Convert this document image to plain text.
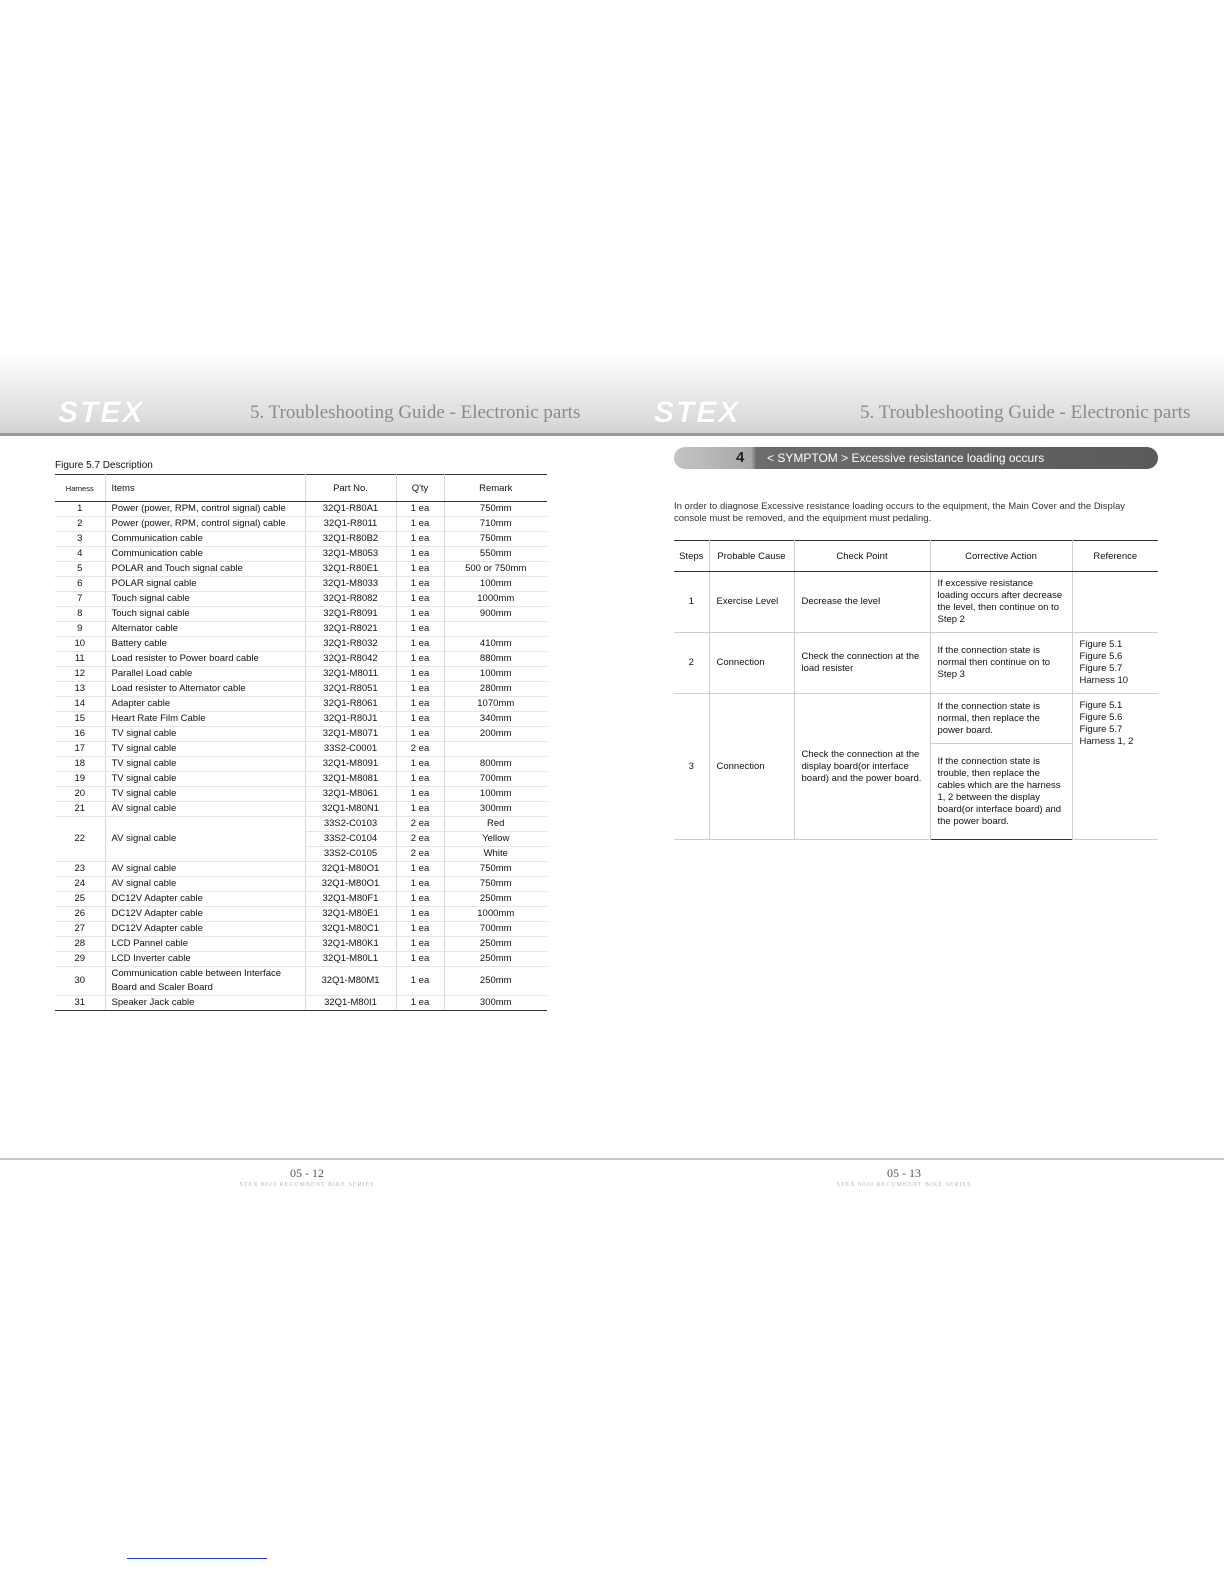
STEX	5. Troubleshooting Guide - Electronic parts STEX	5. Troubleshooting Guide - Electronic parts
Figure 5.7 Description
Harness	Items	Part No.	Q'ty	Remark
1	Power (power, RPM, control signal) cable	32Q1-R80A1	1 ea	750mm
2	Power (power, RPM, control signal) cable	32Q1-R8011	1 ea	710mm
3	Communication cable	32Q1-R80B2	1 ea	750mm
4	Communication cable	32Q1-M8053	1 ea	550mm
5	POLAR and Touch signal cable	32Q1-R80E1	1 ea	500 or 750mm
6	POLAR signal cable	32Q1-M8033	1 ea	100mm
7	Touch signal cable	32Q1-R8082	1 ea	1000mm
8	Touch signal cable	32Q1-R8091	1 ea	900mm
9	Alternator cable	32Q1-R8021	1 ea	
10	Battery cable	32Q1-R8032	1 ea	410mm
11	Load resister to Power board cable	32Q1-R8042	1 ea	880mm
12	Parallel Load cable	32Q1-M8011	1 ea	100mm
13	Load resister to Alternator cable	32Q1-R8051	1 ea	280mm
14	Adapter cable	32Q1-R8061	1 ea	1070mm
15	Heart Rate Film Cable	32Q1-R80J1	1 ea	340mm
16	TV signal cable	32Q1-M8071	1 ea	200mm
17	TV signal cable	33S2-C0001	2 ea	
18	TV signal cable	32Q1-M8091	1 ea	800mm
19	TV signal cable	32Q1-M8081	1 ea	700mm
20	TV signal cable	32Q1-M8061	1 ea	100mm
21	AV signal cable	32Q1-M80N1	1 ea	300mm
22	AV signal cable	33S2-C0103	2 ea	Red
		33S2-C0104	2 ea	Yellow
		33S2-C0105	2 ea	White
23	AV signal cable	32Q1-M80O1	1 ea	750mm
24	AV signal cable	32Q1-M80O1	1 ea	750mm
25	DC12V Adapter cable	32Q1-M80F1	1 ea	250mm
26	DC12V Adapter cable	32Q1-M80E1	1 ea	1000mm
27	DC12V Adapter cable	32Q1-M80C1	1 ea	700mm
28	LCD Pannel cable	32Q1-M80K1	1 ea	250mm
29	LCD Inverter cable	32Q1-M80L1	1 ea	250mm
30	Communication cable between Interface Board and Scaler Board	32Q1-M80M1	1 ea	250mm
31	Speaker Jack cable	32Q1-M80I1	1 ea	300mm
4 < SYMPTOM > Excessive resistance loading occurs
In order to diagnose Excessive resistance loading occurs to the equipment, the Main Cover and the Display console must be removed, and the equipment must pedaling.
Steps	Probable Cause	Check Point	Corrective Action	Reference
1	Exercise Level	Decrease the level	If excessive resistance loading occurs after decrease the level, then continue on to Step 2	
2	Connection	Check the connection at the load resister	If the connection state is normal then continue on to Step 3	Figure 5.1
Figure 5.6
Figure 5.7
Harness 10
3	Connection	Check the connection at the display board(or interface board) and the power board.	If the connection state is normal, then replace the power board.	Figure 5.1
Figure 5.6
Figure 5.7
Harness 1, 2
			If the connection state is trouble, then replace the cables which are the harness 1, 2 between the display board(or interface board) and the power board.	
05 - 12
STEX 8020 RECUMBENT BIKE SERIES
05 - 13
STEX 8020 RECUMBENT BIKE SERIES
